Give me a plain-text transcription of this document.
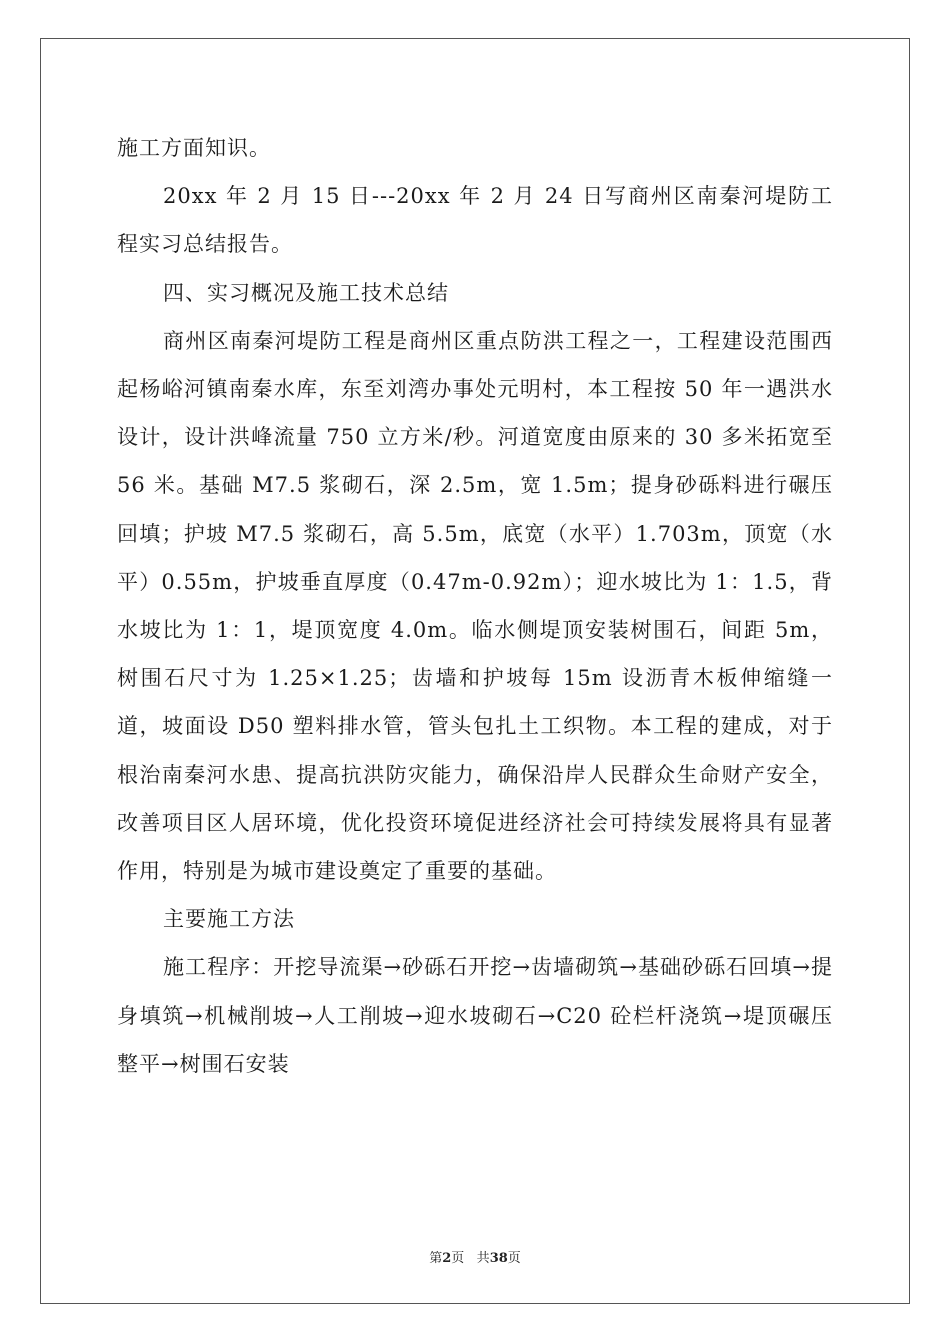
施工方面知识。

20xx 年 2 月 15 日---20xx 年 2 月 24 日写商州区南秦河堤防工程实习总结报告。

四、实习概况及施工技术总结

商州区南秦河堤防工程是商州区重点防洪工程之一，工程建设范围西起杨峪河镇南秦水库，东至刘湾办事处元明村，本工程按 50 年一遇洪水设计，设计洪峰流量 750 立方米/秒。河道宽度由原来的 30 多米拓宽至 56 米。基础 M7.5 浆砌石，深 2.5m，宽 1.5m；提身砂砾料进行碾压回填；护坡 M7.5 浆砌石，高 5.5m，底宽（水平）1.703m，顶宽（水平）0.55m，护坡垂直厚度（0.47m-0.92m）；迎水坡比为 1：1.5，背水坡比为 1：1，堤顶宽度 4.0m。临水侧堤顶安装树围石，间距 5m，树围石尺寸为 1.25×1.25；齿墙和护坡每 15m 设沥青木板伸缩缝一道，坡面设 D50 塑料排水管，管头包扎土工织物。本工程的建成，对于根治南秦河水患、提高抗洪防灾能力，确保沿岸人民群众生命财产安全，改善项目区人居环境，优化投资环境促进经济社会可持续发展将具有显著作用，特别是为城市建设奠定了重要的基础。

主要施工方法

施工程序：开挖导流渠→砂砾石开挖→齿墙砌筑→基础砂砾石回填→提身填筑→机械削坡→人工削坡→迎水坡砌石→C20 砼栏杆浇筑→堤顶碾压整平→树围石安装

第2页 共38页
